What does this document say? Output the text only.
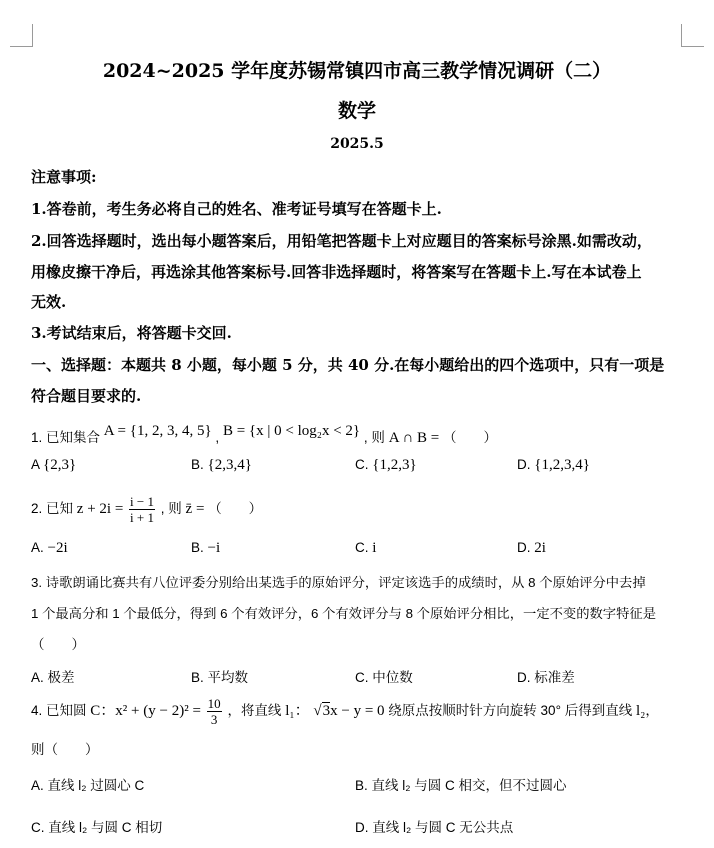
2024~2025 学年度苏锡常镇四市高三教学情况调研（二）
数学
2025.5
注意事项:
1.答卷前，考生务必将自己的姓名、准考证号填写在答题卡上.
2.回答选择题时，选出每小题答案后，用铅笔把答题卡上对应题目的答案标号涂黑.如需改动，
用橡皮擦干净后，再选涂其他答案标号.回答非选择题时，将答案写在答题卡上.写在本试卷上
无效.
3.考试结束后，将答题卡交回.
一、选择题：本题共 8 小题，每小题 5 分，共 40 分.在每小题给出的四个选项中，只有一项是
符合题目要求的.
1. 已知集合 A = {1, 2, 3, 4, 5} , B = {x | 0 < log₂x < 2} , 则 A ∩ B = （　　）
A {2,3}	B. {2,3,4}	C. {1,2,3}	D. {1,2,3,4}
2. 已知 $z + 2i = \frac{i - 1}{i + 1}$ , 则 z̄ = （　　）
A. −2i	B. −i	C. i	D. 2i
3. 诗歌朗诵比赛共有八位评委分别给出某选手的原始评分，评定该选手的成绩时，从 8 个原始评分中去掉
1 个最高分和 1 个最低分，得到 6 个有效评分，6 个有效评分与 8 个原始评分相比，一定不变的数字特征是
（　　）
A. 极差	B. 平均数	C. 中位数	D. 标准差
4. 已知圆 C：$x^2 + (y - 2)^2 = \frac{10}{3}$ ，将直线 l₁： √3x − y = 0 绕原点按顺时针方向旋转 30° 后得到直线 l₂，
则（　　）
A. 直线 l₂ 过圆心 C	B. 直线 l₂ 与圆 C 相交，但不过圆心
C. 直线 l₂ 与圆 C 相切	D. 直线 l₂ 与圆 C 无公共点
